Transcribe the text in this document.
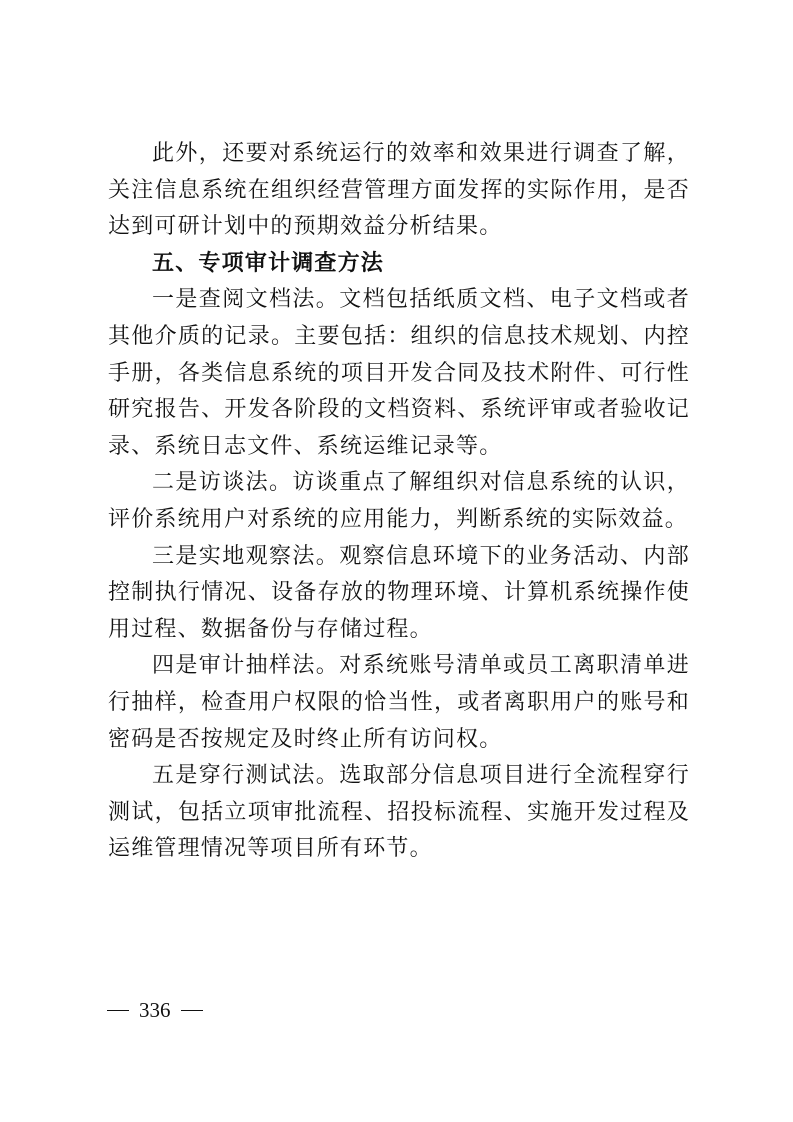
此外，还要对系统运行的效率和效果进行调查了解，关注信息系统在组织经营管理方面发挥的实际作用，是否达到可研计划中的预期效益分析结果。

五、专项审计调查方法

一是查阅文档法。文档包括纸质文档、电子文档或者其他介质的记录。主要包括：组织的信息技术规划、内控手册，各类信息系统的项目开发合同及技术附件、可行性研究报告、开发各阶段的文档资料、系统评审或者验收记录、系统日志文件、系统运维记录等。

二是访谈法。访谈重点了解组织对信息系统的认识，评价系统用户对系统的应用能力，判断系统的实际效益。

三是实地观察法。观察信息环境下的业务活动、内部控制执行情况、设备存放的物理环境、计算机系统操作使用过程、数据备份与存储过程。

四是审计抽样法。对系统账号清单或员工离职清单进行抽样，检查用户权限的恰当性，或者离职用户的账号和密码是否按规定及时终止所有访问权。

五是穿行测试法。选取部分信息项目进行全流程穿行测试，包括立项审批流程、招投标流程、实施开发过程及运维管理情况等项目所有环节。

336
